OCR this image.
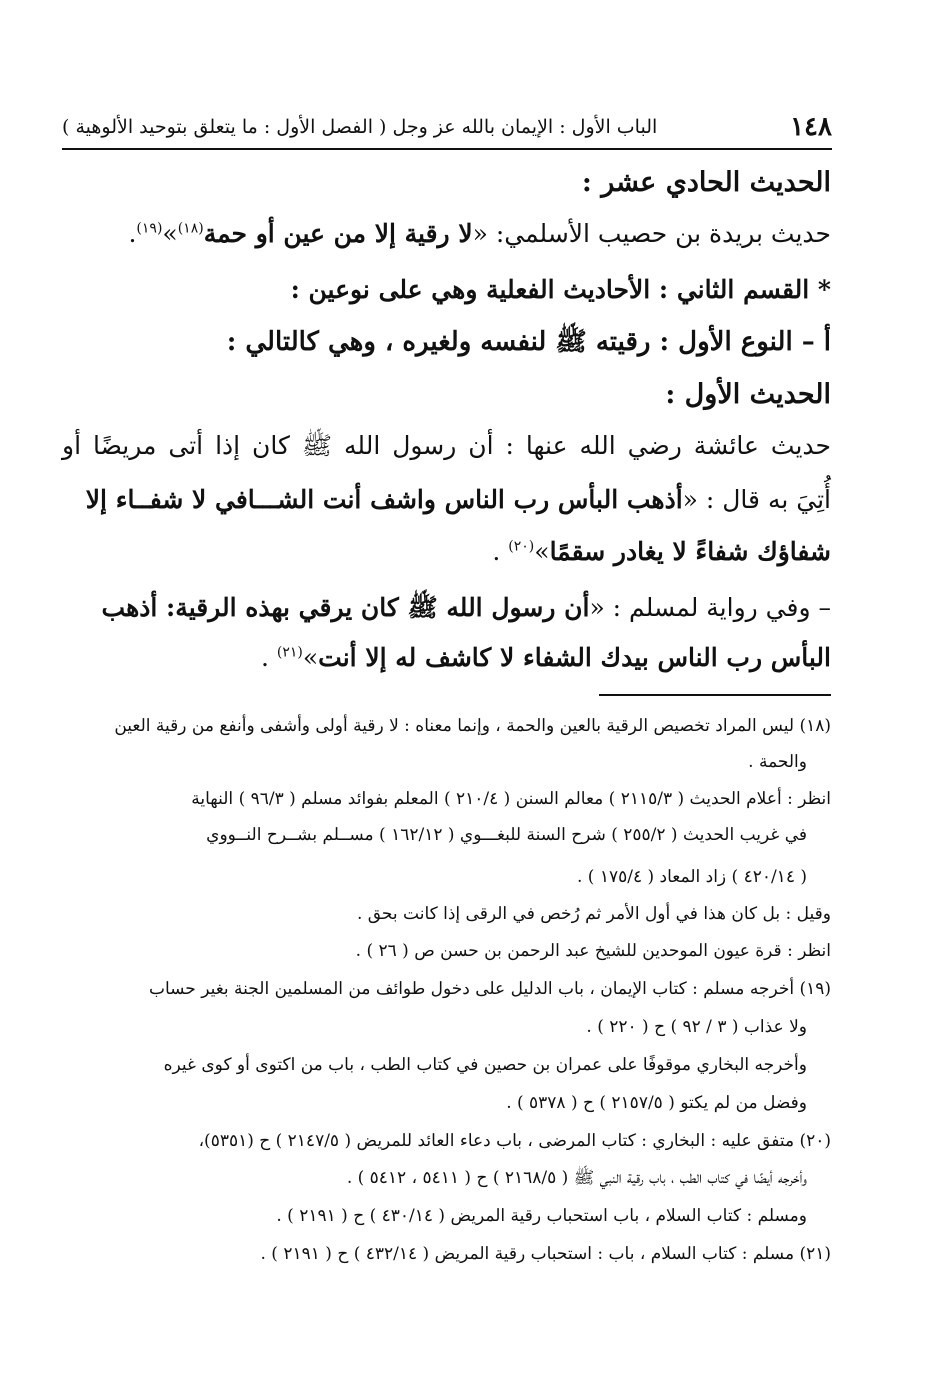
١٤٨
الباب الأول : الإيمان بالله عز وجل ( الفصل الأول : ما يتعلق بتوحيد الألوهية )
الحديث الحادي عشر :
حديث بريدة بن حصيب الأسلمي: «لا رقية إلا من عين أو حمة$^{(١٨)}$»$^{(١٩)}$.
* القسم الثاني : الأحاديث الفعلية وهي على نوعين :
أ – النوع الأول : رقيته ﷺ لنفسه ولغيره ، وهي كالتالي :
الحديث الأول :
حديث عائشة رضي الله عنها : أن رسول الله ﷺ كان إذا أتى مريضًا أو
أُتِيَ به قال : «أذهب البأس رب الناس واشف أنت الشـــافي لا شفــاء إلا
شفاؤك شفاءً لا يغادر سقمًا»$^{(٢٠)}$ .
– وفي رواية لمسلم : «أن رسول الله ﷺ كان يرقي بهذه الرقية: أذهب
البأس رب الناس بيدك الشفاء لا كاشف له إلا أنت»$^{(٢١)}$ .
(١٨) ليس المراد تخصيص الرقية بالعين والحمة ، وإنما معناه : لا رقية أولى وأشفى وأنفع من رقية العين
والحمة .
انظر : أعلام الحديث ( ٢١١٥/٣ ) معالم السنن ( ٢١٠/٤ ) المعلم بفوائد مسلم ( ٩٦/٣ ) النهاية
في غريب الحديث ( ٢٥٥/٢ ) شرح السنة للبغـــوي ( ١٦٢/١٢ ) مســلم بشــرح النــووي
( ٤٢٠/١٤ ) زاد المعاد ( ١٧٥/٤ ) .
وقيل : بل كان هذا في أول الأمر ثم رُخص في الرقى إذا كانت بحق .
انظر : قرة عيون الموحدين للشيخ عبد الرحمن بن حسن ص ( ٢٦ ) .
(١٩) أخرجه مسلم : كتاب الإيمان ، باب الدليل على دخول طوائف من المسلمين الجنة بغير حساب
ولا عذاب ( ٣ / ٩٢ ) ح ( ٢٢٠ ) .
وأخرجه البخاري موقوفًا على عمران بن حصين في كتاب الطب ، باب من اكتوى أو كوى غيره
وفضل من لم يكتو ( ٢١٥٧/٥ ) ح ( ٥٣٧٨ ) .
(٢٠) متفق عليه : البخاري : كتاب المرضى ، باب دعاء العائد للمريض ( ٢١٤٧/٥ ) ح (٥٣٥١)،
وأخرجه أيضًا في كتاب الطب ، باب رقية النبي ﷺ ( ٢١٦٨/٥ ) ح ( ٥٤١١ ، ٥٤١٢ ) .
ومسلم : كتاب السلام ، باب استحباب رقية المريض ( ٤٣٠/١٤ ) ح ( ٢١٩١ ) .
(٢١) مسلم : كتاب السلام ، باب : استحباب رقية المريض ( ٤٣٢/١٤ ) ح ( ٢١٩١ ) .
